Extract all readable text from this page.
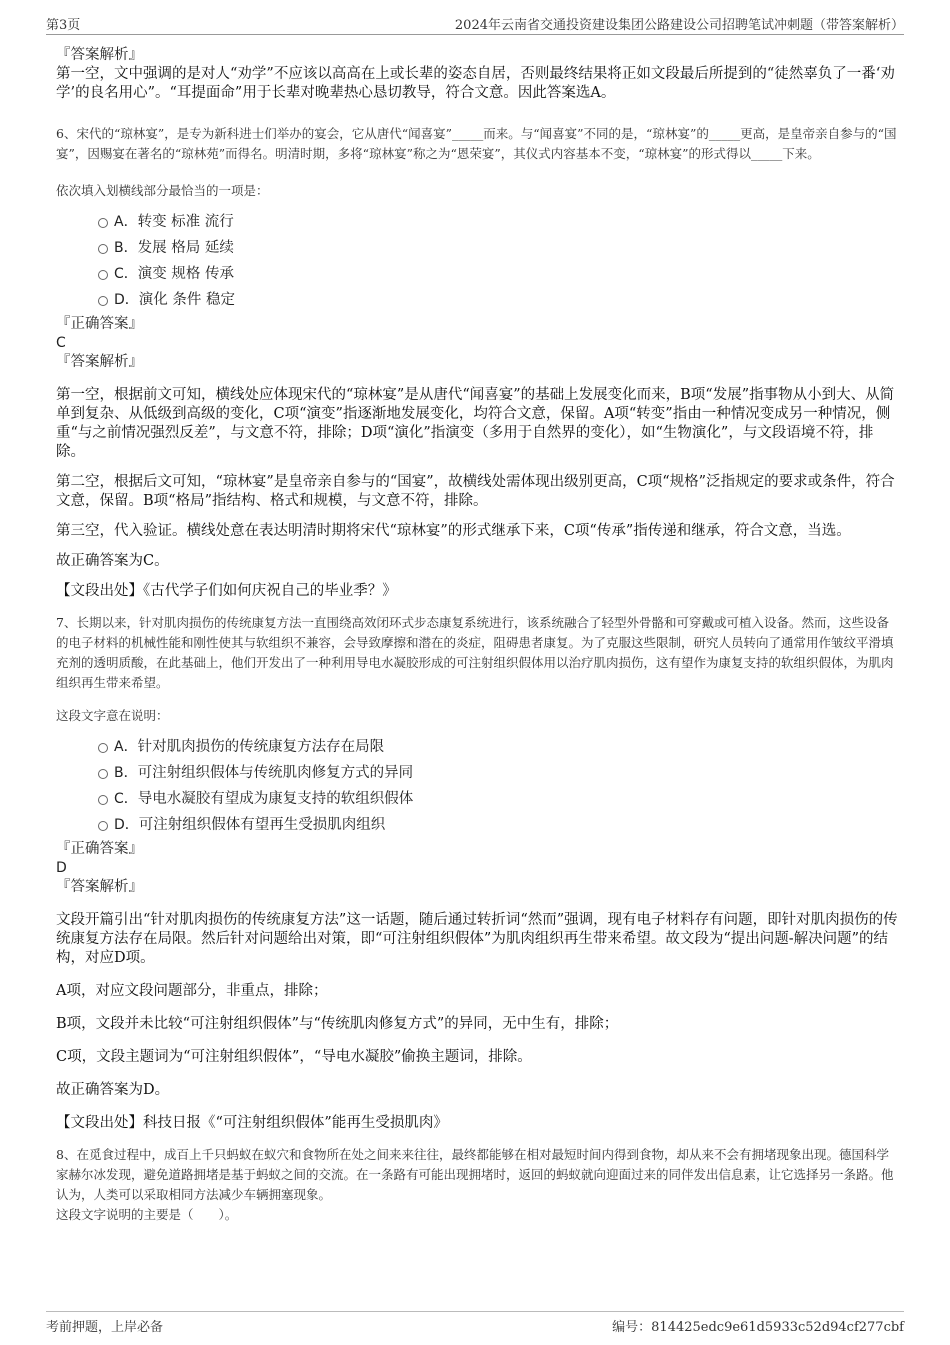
第3页	2024年云南省交通投资建设集团公路建设公司招聘笔试冲刺题（带答案解析）
『答案解析』

第一空，文中强调的是对人“劝学”不应该以高高在上或长辈的姿态自居，否则最终结果将正如文段最后所提到的“徒然辜负了一番‘劝学’的良名用心”。“耳提面命”用于长辈对晚辈热心恳切教导，符合文意。因此答案选A。

6、宋代的“琼林宴”，是专为新科进士们举办的宴会，它从唐代“闻喜宴”_____而来。与“闻喜宴”不同的是，“琼林宴”的_____更高，是皇帝亲自参与的“国宴”，因赐宴在著名的“琼林苑”而得名。明清时期，多将“琼林宴”称之为“恩荣宴”，其仪式内容基本不变，“琼林宴”的形式得以_____下来。

依次填入划横线部分最恰当的一项是：

A．转变 标准 流行
B．发展 格局 延续
C．演变 规格 传承
D．演化 条件 稳定
『正确答案』
C
『答案解析』

第一空，根据前文可知，横线处应体现宋代的“琼林宴”是从唐代“闻喜宴”的基础上发展变化而来，B项“发展”指事物从小到大、从简单到复杂、从低级到高级的变化，C项“演变”指逐渐地发展变化，均符合文意，保留。A项“转变”指由一种情况变成另一种情况，侧重“与之前情况强烈反差”，与文意不符，排除；D项“演化”指演变（多用于自然界的变化），如“生物演化”，与文段语境不符，排除。

第二空，根据后文可知，“琼林宴”是皇帝亲自参与的“国宴”，故横线处需体现出级别更高，C项“规格”泛指规定的要求或条件，符合文意，保留。B项“格局”指结构、格式和规模，与文意不符，排除。

第三空，代入验证。横线处意在表达明清时期将宋代“琼林宴”的形式继承下来，C项“传承”指传递和继承，符合文意，当选。

故正确答案为C。

【文段出处】《古代学子们如何庆祝自己的毕业季？》

7、长期以来，针对肌肉损伤的传统康复方法一直围绕高效闭环式步态康复系统进行，该系统融合了轻型外骨骼和可穿戴或可植入设备。然而，这些设备的电子材料的机械性能和刚性使其与软组织不兼容，会导致摩擦和潜在的炎症，阻碍患者康复。为了克服这些限制，研究人员转向了通常用作皱纹平滑填充剂的透明质酸，在此基础上，他们开发出了一种利用导电水凝胶形成的可注射组织假体用以治疗肌肉损伤，这有望作为康复支持的软组织假体，为肌肉组织再生带来希望。

这段文字意在说明：

A．针对肌肉损伤的传统康复方法存在局限
B．可注射组织假体与传统肌肉修复方式的异同
C．导电水凝胶有望成为康复支持的软组织假体
D．可注射组织假体有望再生受损肌肉组织
『正确答案』
D
『答案解析』

文段开篇引出“针对肌肉损伤的传统康复方法”这一话题，随后通过转折词“然而”强调，现有电子材料存有问题，即针对肌肉损伤的传统康复方法存在局限。然后针对问题给出对策，即“可注射组织假体”为肌肉组织再生带来希望。故文段为“提出问题-解决问题”的结构，对应D项。

A项，对应文段问题部分，非重点，排除；

B项，文段并未比较“可注射组织假体”与“传统肌肉修复方式”的异同，无中生有，排除；

C项，文段主题词为“可注射组织假体”，“导电水凝胶”偷换主题词，排除。

故正确答案为D。

【文段出处】科技日报《“可注射组织假体”能再生受损肌肉》

8、在觅食过程中，成百上千只蚂蚁在蚁穴和食物所在处之间来来往往，最终都能够在相对最短时间内得到食物，却从来不会有拥堵现象出现。德国科学家赫尔冰发现，避免道路拥堵是基于蚂蚁之间的交流。在一条路有可能出现拥堵时，返回的蚂蚁就向迎面过来的同伴发出信息素，让它选择另一条路。他认为，人类可以采取相同方法减少车辆拥塞现象。

这段文字说明的主要是（　　）。

考前押题，上岸必备	编号：814425edc9e61d5933c52d94cf277cbf
